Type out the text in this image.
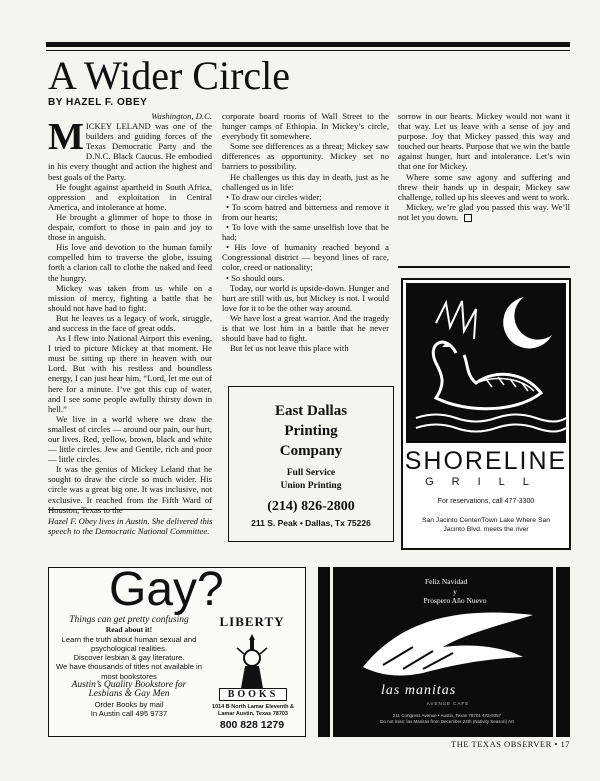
A Wider Circle
BY HAZEL F. OBEY
Washington, D.C.

MICKEY LELAND was one of the builders and guiding forces of the Texas Democratic Party and the D.N.C. Black Caucus. He embodied in his every thought and action the highest and best goals of the Party.

He fought against apartheid in South Africa, oppression and exploitation in Central America, and intolerance at home.

He brought a glimmer of hope to those in despair, comfort to those in pain and joy to those in anguish.

His love and devotion to the human family compelled him to traverse the globe, issuing forth a clarion call to clothe the naked and feed the hungry.

Mickey was taken from us while on a mission of mercy, fighting a battle that he should not have had to fight.

But he leaves us a legacy of work, struggle, and success in the face of great odds.

As I flew into National Airport this evening, I tried to picture Mickey at that moment. He must be sitting up there in heaven with our Lord. But with his restless and boundless energy, I can just hear him, “Lord, let me out of here for a minute. I’ve got this cup of water, and I see some people awfully thirsty down in hell.”

We live in a world where we draw the smallest of circles — around our pain, our hurt, our lives. Red, yellow, brown, black and white — little circles. Jew and Gentile, rich and poor — little circles.

It was the genius of Mickey Leland that he sought to draw the circle so much wider. His circle was a great big one. It was inclusive, not exclusive. It reached from the Fifth Ward of

Hazel F. Obey lives in Austin. She delivered this speech to the Democratic National Committee.

corporate board rooms of Wall Street to the hunger camps of Ethiopia. In Mickey’s circle, everybody fit somewhere.

Some see differences as a threat; Mickey saw differences as opportunity. Mickey set no barriers to possibility.

He challenges us this day in death, just as he challenged us in life:

• To draw our circles wider;
• To scorn hatred and bitterness and remove it from our hearts;
• To love with the same unselfish love that he had;
• His love of humanity reached beyond a Congressional district — beyond lines of race, color, creed or nationality;
• So should ours.

Today, our world is upside-down. Hunger and hurt are still with us, but Mickey is not. I would love for it to be the other way around.

We have lost a great warrior. And the tragedy is that we lost him in a battle that he never should have had to fight.

But let us not leave this place with

sorrow in our hearts. Mickey would not want it that way. Let us leave with a sense of joy and purpose. Joy that Mickey passed this way and touched our hearts. Purpose that we win the battle against hunger, hurt and intolerance. Let’s win that one for Mickey.

Where some saw agony and suffering and threw their hands up in despair, Mickey saw challenge, rolled up his sleeves and went to work.

Mickey, we’re glad you passed this way. We’ll not let you down.

East Dallas
Printing
Company
Full Service
Union Printing
(214) 826-2800
211 S. Peak • Dallas, Tx 75226
SHORELINE
GRILL
For reservations, call 477-3300
San Jacinto Center/Town Lake Where San Jacinto Blvd. meets the river
Gay?
Things can get pretty confusing
Read about it!
Learn the truth about human sexual and psychological realities.
Discover lesbian & gay literature.
We have thousands of titles not available in most bookstores
Austin’s Quality Bookstore for Lesbians & Gay Men
Order Books by mail
In Austin call 495 9737
LIBERTY
BOOKS
1014 B North Lamar Eleventh & Lamar Austin, Texas 78703
800 828 1279
Feliz Navidad
y
Prospero Año Nuevo
las manitas
AVENUE CAFE
211 Congress Avenue • Austin, Texas 78701 472-9357
Do not miss: las Manitas from December 24th (Nativity Season) Art
THE TEXAS OBSERVER • 17
